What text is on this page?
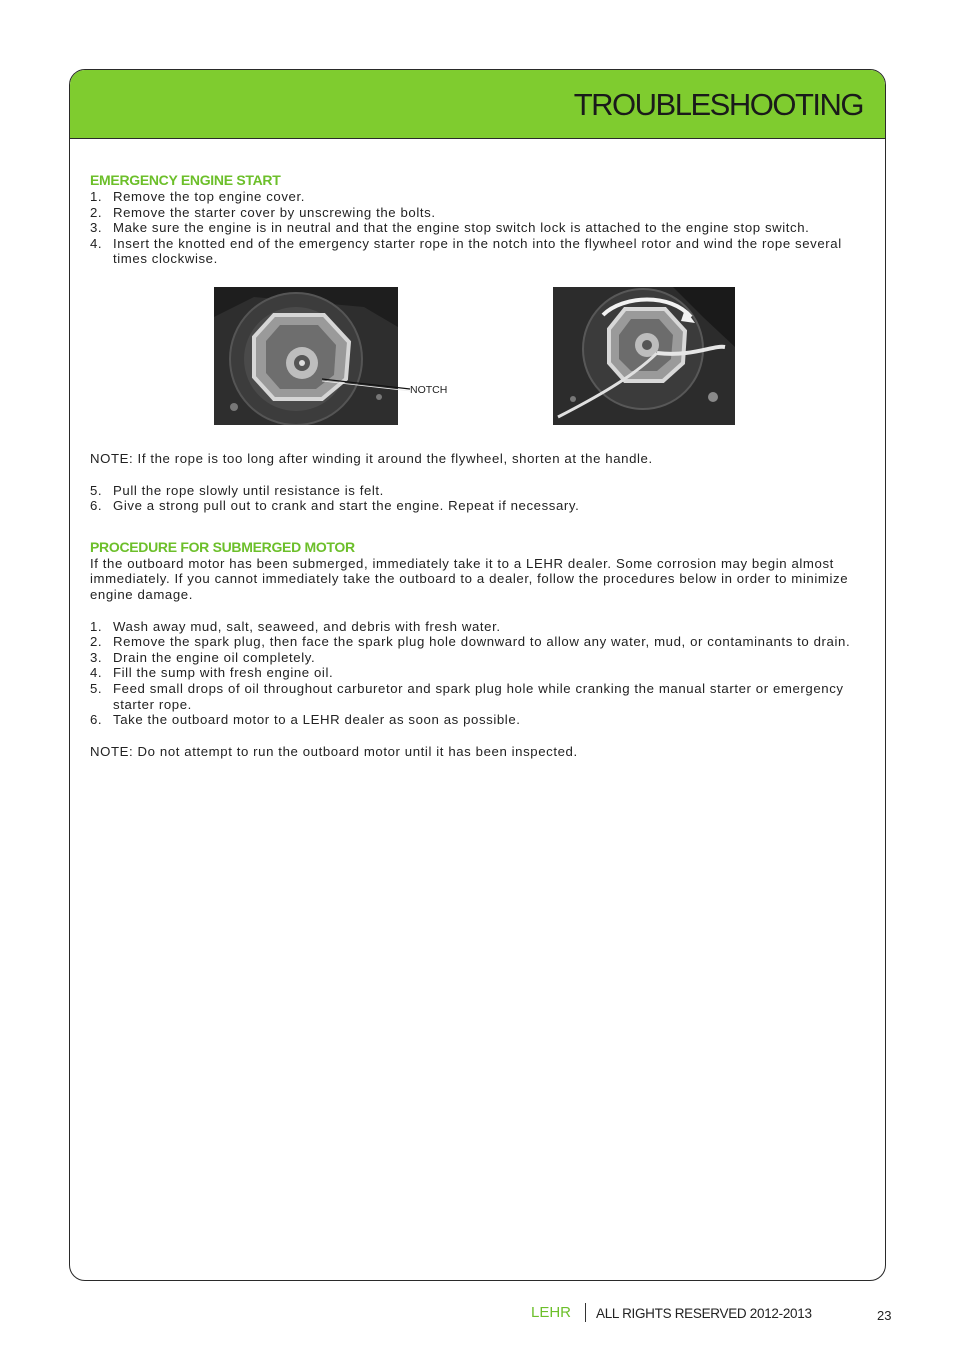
TROUBLESHOOTING
EMERGENCY ENGINE START
1. Remove the top engine cover.
2. Remove the starter cover by unscrewing the bolts.
3. Make sure the engine is in neutral and that the engine stop switch lock is attached to the engine stop switch.
4. Insert the knotted end of the emergency starter rope in the notch into the flywheel rotor and wind the rope several times clockwise.
NOTCH

NOTE: If the rope is too long after winding it around the flywheel, shorten at the handle.

5. Pull the rope slowly until resistance is felt.
6. Give a strong pull out to crank and start the engine. Repeat if necessary.
PROCEDURE FOR SUBMERGED MOTOR

If the outboard motor has been submerged, immediately take it to a LEHR dealer. Some corrosion may begin almost immediately. If you cannot immediately take the outboard to a dealer, follow the procedures below in order to minimize engine damage.

1. Wash away mud, salt, seaweed, and debris with fresh water.
2. Remove the spark plug, then face the spark plug hole downward to allow any water, mud, or contaminants to drain.
3. Drain the engine oil completely.
4. Fill the sump with fresh engine oil.
5. Feed small drops of oil throughout carburetor and spark plug hole while cranking the manual starter or emergency starter rope.
6. Take the outboard motor to a LEHR dealer as soon as possible.

NOTE: Do not attempt to run the outboard motor until it has been inspected.

LEHR ALL RIGHTS RESERVED 2012-2013	23
